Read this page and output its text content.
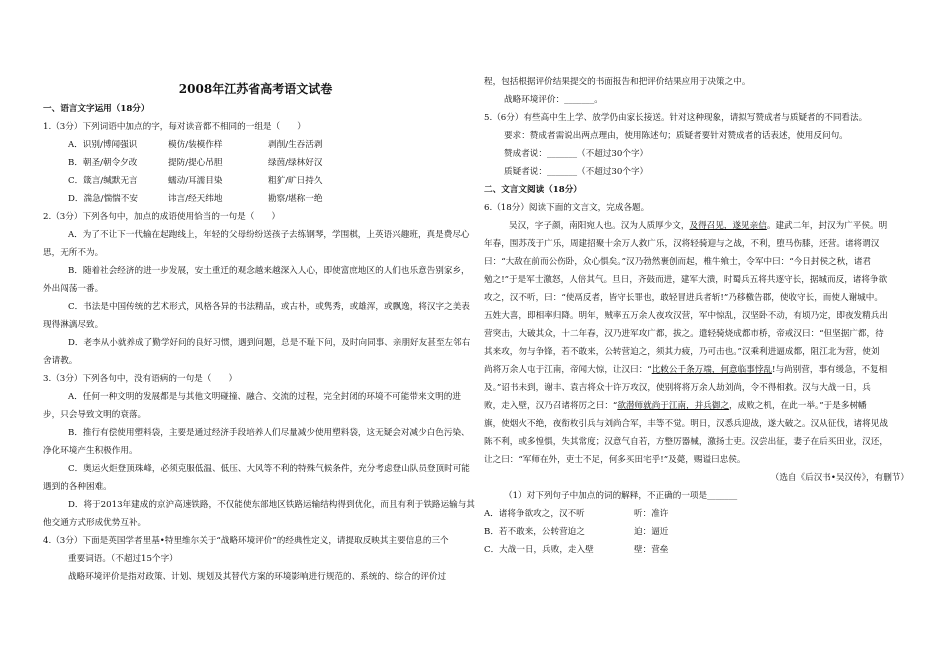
2008年江苏省高考语文试卷
一、语言文字运用（18分）
1.（3分）下列词语中加点的字，每对读音都不相同的一组是（　　）
A．识别/博闻强识	模仿/装模作样	剥削/生吞活剥
B．朝圣/朝令夕改	提防/提心吊胆	绿茵/绿林好汉
C．箴言/缄默无言	蠕动/耳濡目染	粗犷/旷日持久
D．湍急/惴惴不安	讳言/经天纬地	勘察/堪称一绝
2.（3分）下列各句中，加点的成语使用恰当的一句是（　　）
A．为了不让下一代输在起跑线上，年轻的父母纷纷送孩子去练钢琴，学围棋，上英语兴趣班，真是费尽心
思，无所不为。
B．随着社会经济的进一步发展，安土重迁的观念越来越深入人心，即使富庶地区的人们也乐意告别家乡，
外出闯荡一番。
C．书法是中国传统的艺术形式，风格各异的书法精品，或古朴，或隽秀，或雄浑，或飘逸，将汉字之美表
现得淋漓尽致。
D．老李从小就养成了勤学好问的良好习惯，遇到问题，总是不耻下问，及时向同事、亲朋好友甚至左邻右
舍请教。
3.（3分）下列各句中，没有语病的一句是（　　）
A．任何一种文明的发展都是与其他文明碰撞、融合、交流的过程，完全封闭的环境不可能带来文明的进
步，只会导致文明的衰落。
B．推行有偿使用塑料袋，主要是通过经济手段培养人们尽量减少使用塑料袋，这无疑会对减少白色污染、
净化环境产生积极作用。
C．奥运火炬登顶珠峰，必须克服低温、低压、大风等不利的特殊气候条件，充分考虑登山队员登顶时可能
遇到的各种困难。
D．将于2013年建成的京沪高速铁路，不仅能使东部地区铁路运输结构得到优化，而且有利于铁路运输与其
他交通方式形成优势互补。
4.（3分）下面是英国学者里基•特里维尔关于“战略环境评价”的经典性定义，请提取反映其主要信息的三个
重要词语。（不超过15个字）
战略环境评价是指对政策、计划、规划及其替代方案的环境影响进行规范的、系统的、综合的评价过
程，包括根据评价结果提交的书面报告和把评价结果应用于决策之中。
战略环境评价：_______。
5.（6分）有些高中生上学、放学仍由家长接送。针对这种现象，请拟写赞成者与质疑者的不同看法。
要求：赞成者需说出两点理由，使用陈述句；质疑者要针对赞成者的话表述，使用反问句。
赞成者说：_______（不超过30个字）
质疑者说：_______（不超过30个字）
二、文言文阅读（18分）
6.（18分）阅读下面的文言文，完成各题。
吴汉，字子颜，南阳宛人也。汉为人质厚少文，及得召见，遂见亲信。建武二年，封汉为广平侯。明
年春，围苏茂于广乐，周建招聚十余万人救广乐，汉将轻骑迎与之战，不利，堕马伤膝，还营。诸将谓汉
曰：“大敌在前而公伤卧，众心惧矣。”汉乃勃然裹创而起，椎牛飨士，令军中曰：“今日封侯之秋，诸君
勉之!”于是军士激怒，人倍其气。旦日，齐鼓而进，建军大溃，时蜀兵五将共逐守长，据城而反，诸将争欲
攻之，汉不听，曰：“使鬲反者，皆守长罪也，敢轻冒进兵者斩!”乃移檄告郡，使收守长，而使人谢城中。
五姓大喜，即相率归降。明年，贼率五万余人夜攻汉营，军中惊乱，汉坚卧不动，有顷乃定，即夜发精兵出
营突击，大破其众，十二年春，汉乃进军攻广都，拔之。遣轻骑烧成都市桥，帝戒汉曰：“但坚据广都，待
其来攻，勿与争锋，若不敢来，公转营迫之，须其力疲，乃可击也。”汉乘利进逼成都，阻江北为营，使刘
尚将万余人屯于江南，帝闻大惊，让汉曰：“比敕公千条万端，何意临事悖乱!与尚别营，事有缓急，不复相
及。”诏书未到，谢丰、袁吉将众十许万攻汉，使别将将万余人劫刘尚，令不得相救。汉与大战一日，兵
败，走入壁，汉乃召诸将厉之曰：“欲潜师就尚于江南，并兵御之，成败之机，在此一举。”于是多树幡
旗，使烟火不绝，夜衔枚引兵与刘尚合军，丰等不觉。明日，汉悉兵迎战，遂大破之。汉从征伐，诸将见战
陈不利，或多惶惧，失其常度；汉意气自若，方整厉器械，激扬士吏。汉尝出征，妻子在后买田业，汉还，
让之曰：“军师在外，吏士不足，何多买田宅乎!”及薨，赐谥曰忠侯。
（选自《后汉书•吴汉传》，有删节）
（1）对下列句子中加点的词的解释，不正确的一项是_______
A．诸将争欲攻之，汉不听	听：准许
B．若不敢来，公转营迫之	迫：逼近
C．大战一日，兵败，走入壁	壁：营垒
